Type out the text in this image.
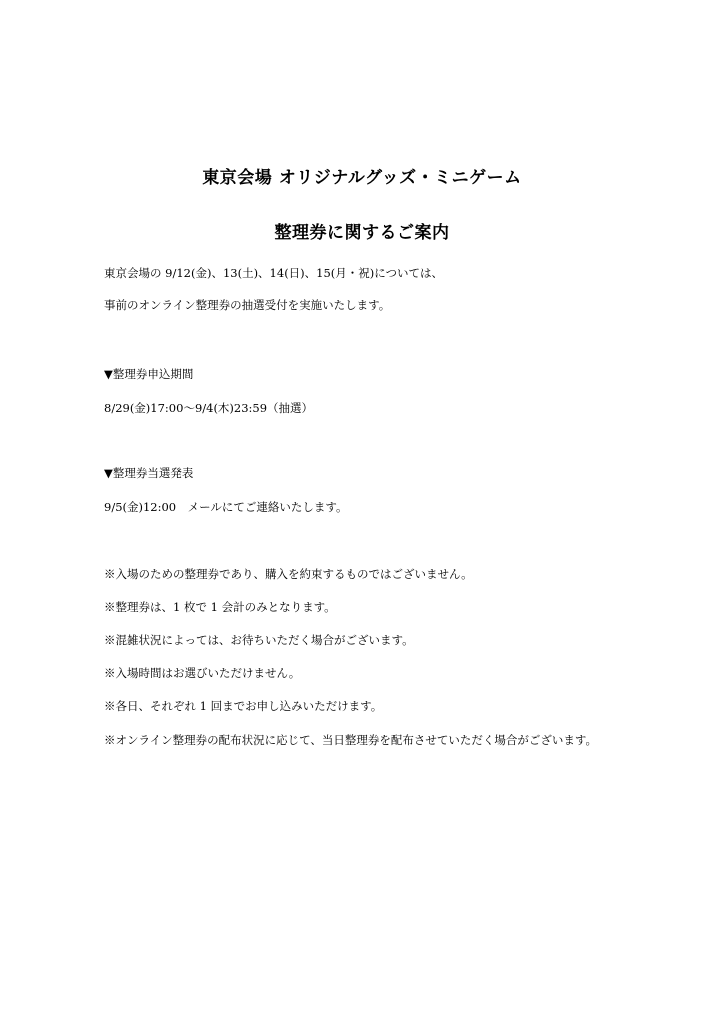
東京会場 オリジナルグッズ・ミニゲーム
整理券に関するご案内
東京会場の 9/12(金)、13(土)、14(日)、15(月・祝)については、
事前のオンライン整理券の抽選受付を実施いたします。
▼整理券申込期間
8/29(金)17:00～9/4(木)23:59（抽選）
▼整理券当選発表
9/5(金)12:00　メールにてご連絡いたします。
※入場のための整理券であり、購入を約束するものではございません。
※整理券は、1 枚で 1 会計のみとなります。
※混雑状況によっては、お待ちいただく場合がございます。
※入場時間はお選びいただけません。
※各日、それぞれ 1 回までお申し込みいただけます。
※オンライン整理券の配布状況に応じて、当日整理券を配布させていただく場合がございます。
